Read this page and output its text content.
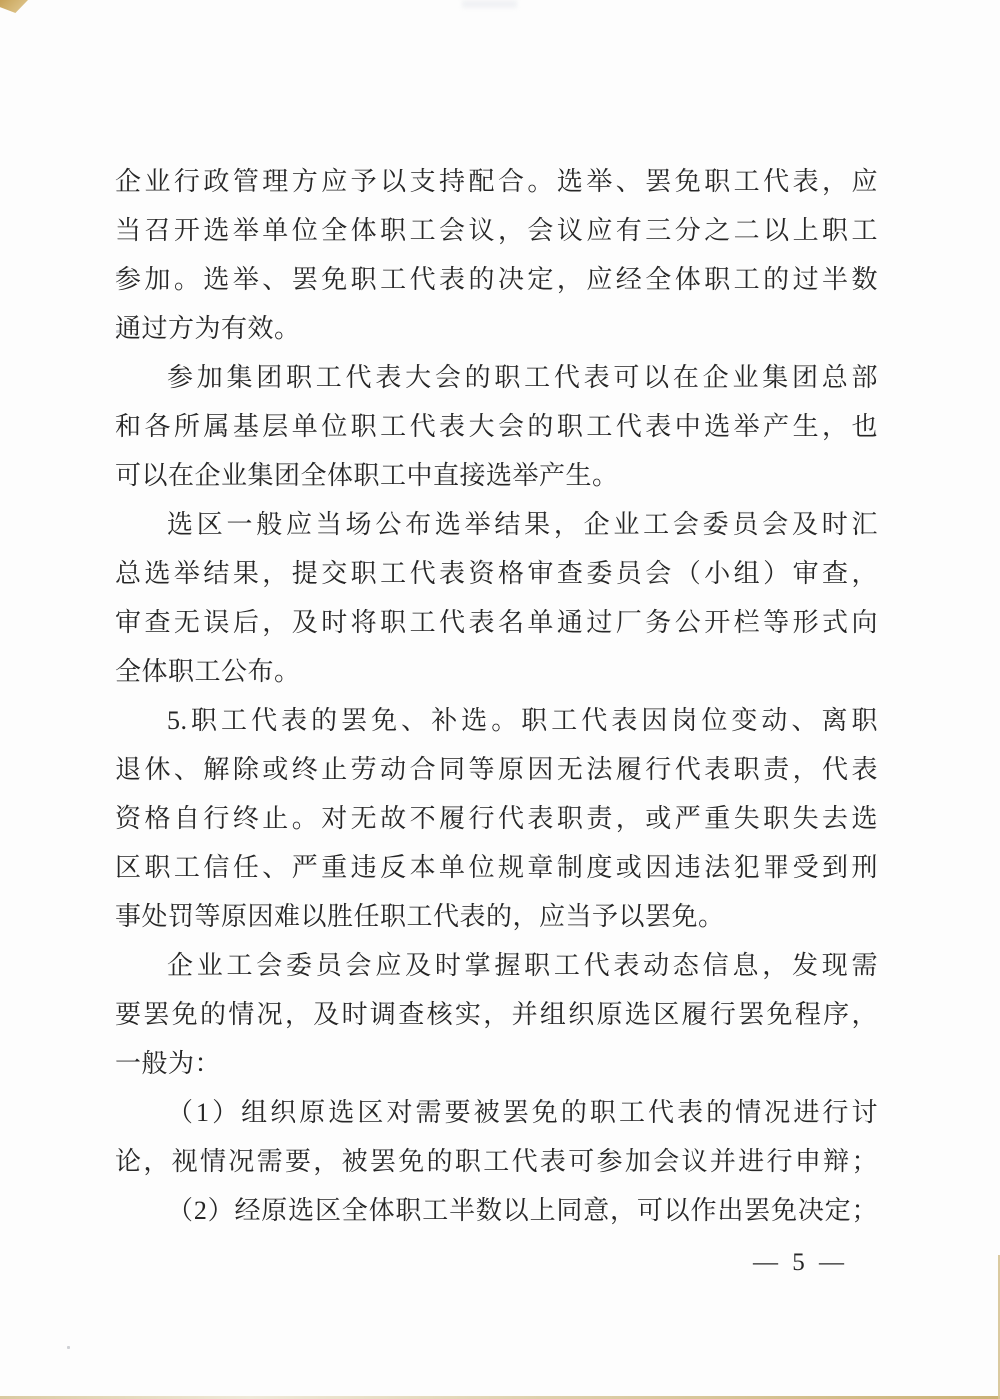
企业行政管理方应予以支持配合。选举、罢免职工代表，应
当召开选举单位全体职工会议，会议应有三分之二以上职工
参加。选举、罢免职工代表的决定，应经全体职工的过半数
通过方为有效。
参加集团职工代表大会的职工代表可以在企业集团总部
和各所属基层单位职工代表大会的职工代表中选举产生，也
可以在企业集团全体职工中直接选举产生。
选区一般应当场公布选举结果，企业工会委员会及时汇
总选举结果，提交职工代表资格审查委员会（小组）审查，
审查无误后，及时将职工代表名单通过厂务公开栏等形式向
全体职工公布。
5.职工代表的罢免、补选。职工代表因岗位变动、离职
退休、解除或终止劳动合同等原因无法履行代表职责，代表
资格自行终止。对无故不履行代表职责，或严重失职失去选
区职工信任、严重违反本单位规章制度或因违法犯罪受到刑
事处罚等原因难以胜任职工代表的，应当予以罢免。
企业工会委员会应及时掌握职工代表动态信息，发现需
要罢免的情况，及时调查核实，并组织原选区履行罢免程序，
一般为：
（1）组织原选区对需要被罢免的职工代表的情况进行讨
论，视情况需要，被罢免的职工代表可参加会议并进行申辩；
（2）经原选区全体职工半数以上同意，可以作出罢免决定；
— 5 —
